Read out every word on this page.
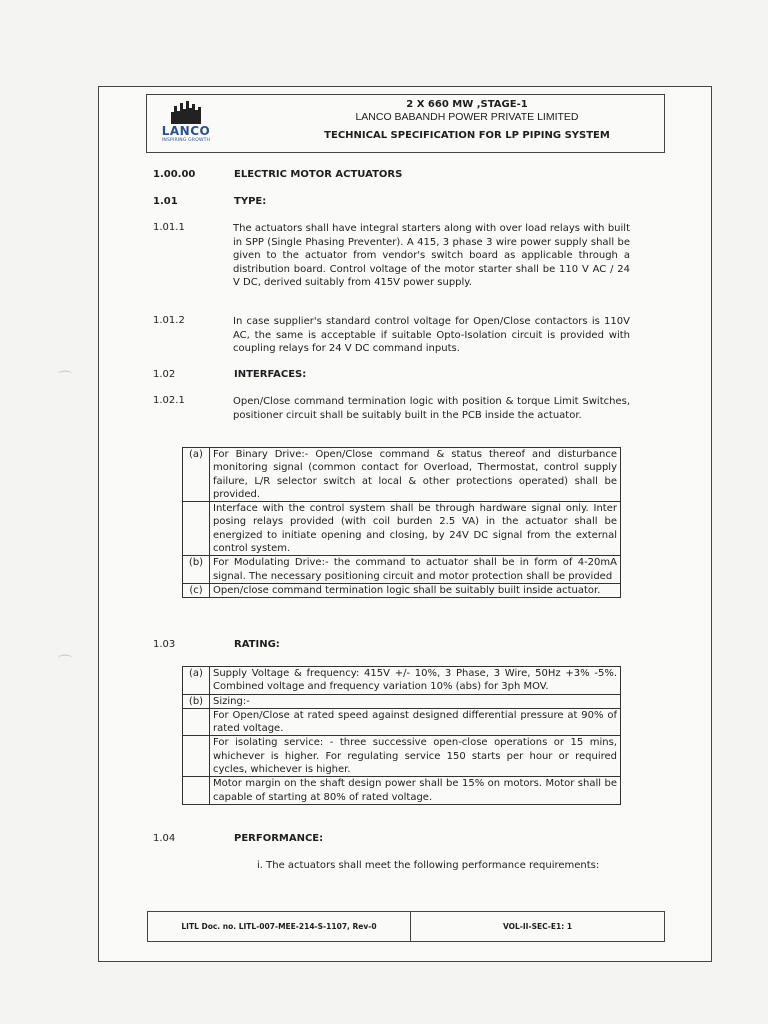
⌒
⌒
LANCO
INSPIRING GROWTH
2 X 660 MW ,STAGE-1
LANCO BABANDH POWER PRIVATE LIMITED
TECHNICAL SPECIFICATION FOR LP PIPING SYSTEM
1.00.00	ELECTRIC MOTOR ACTUATORS
1.01	TYPE:
1.01.1	The actuators shall have integral starters along with over load relays with built in SPP (Single Phasing Preventer). A 415, 3 phase 3 wire power supply shall be given to the actuator from vendor's switch board as applicable through a distribution board. Control voltage of the motor starter shall be 110 V AC / 24 V DC, derived suitably from 415V power supply.
1.01.2	In case supplier's standard control voltage for Open/Close contactors is 110V AC, the same is acceptable if suitable Opto-Isolation circuit is provided with coupling relays for 24 V DC command inputs.
1.02	INTERFACES:
1.02.1	Open/Close command termination logic with position & torque Limit Switches, positioner circuit shall be suitably built in the PCB inside the actuator.
(a)	For Binary Drive:- Open/Close command & status thereof and disturbance monitoring signal (common contact for Overload, Thermostat, control supply failure, L/R selector switch at local & other protections operated) shall be provided.
	Interface with the control system shall be through hardware signal only. Inter posing relays provided (with coil burden 2.5 VA) in the actuator shall be energized to initiate opening and closing, by 24V DC signal from the external control system.
(b)	For Modulating Drive:- the command to actuator shall be in form of 4-20mA signal. The necessary positioning circuit and motor protection shall be provided
(c)	Open/close command termination logic shall be suitably built inside actuator.
1.03	RATING:
(a)	Supply Voltage & frequency: 415V +/- 10%, 3 Phase, 3 Wire, 50Hz +3% -5%. Combined voltage and frequency variation 10% (abs) for 3ph MOV.
(b)	Sizing:-
	For Open/Close at rated speed against designed differential pressure at 90% of rated voltage.
	For isolating service: - three successive open-close operations or 15 mins, whichever is higher. For regulating service 150 starts per hour or required cycles, whichever is higher.
	Motor margin on the shaft design power shall be 15% on motors. Motor shall be capable of starting at 80% of rated voltage.
1.04	PERFORMANCE:
i. The actuators shall meet the following performance requirements:
LITL Doc. no. LITL-007-MEE-214-S-1107, Rev-0	VOL-II-SEC-E1: 1
